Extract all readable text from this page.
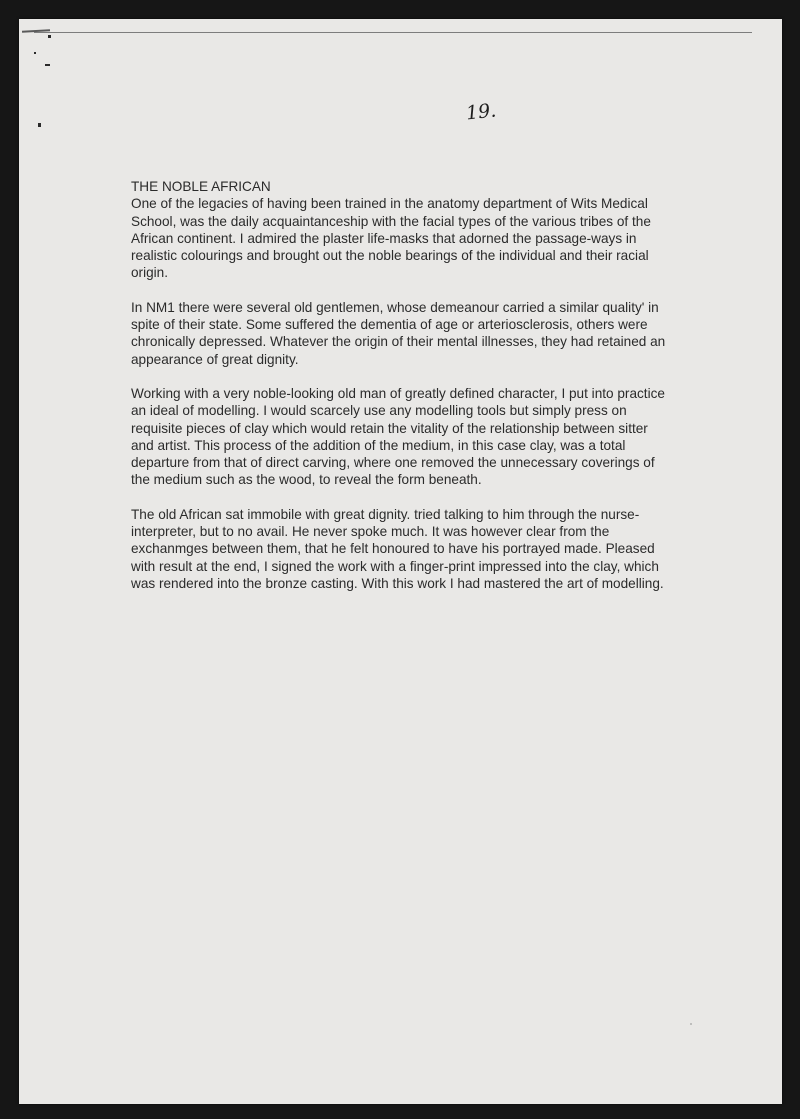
19.
THE NOBLE AFRICAN

One of the legacies of having been trained in the anatomy department of Wits Medical School, was the daily acquaintanceship with the facial types of the various tribes of the African continent. I admired the plaster life-masks that adorned the passage-ways in realistic colourings and brought out the noble bearings of the individual and their racial origin.

In NM1 there were several old gentlemen, whose demeanour carried a similar quality' in spite of their state. Some suffered the dementia of age or arteriosclerosis, others were chronically depressed. Whatever the origin of their mental illnesses, they had retained an appearance of great dignity.

Working with a very noble-looking old man of greatly defined character, I put into practice an ideal of modelling. I would scarcely use any modelling tools but simply press on requisite pieces of clay which would retain the vitality of the relationship between sitter and artist. This process of the addition of the medium, in this case clay, was a total departure from that of direct carving, where one removed the unnecessary coverings of the medium such as the wood, to reveal the form beneath.

The old African sat immobile with great dignity. tried talking to him through the nurse-interpreter, but to no avail. He never spoke much. It was however clear from the exchanmges between them, that he felt honoured to have his portrayed made. Pleased with result at the end, I signed the work with a finger-print impressed into the clay, which was rendered into the bronze casting. With this work I had mastered the art of modelling.
